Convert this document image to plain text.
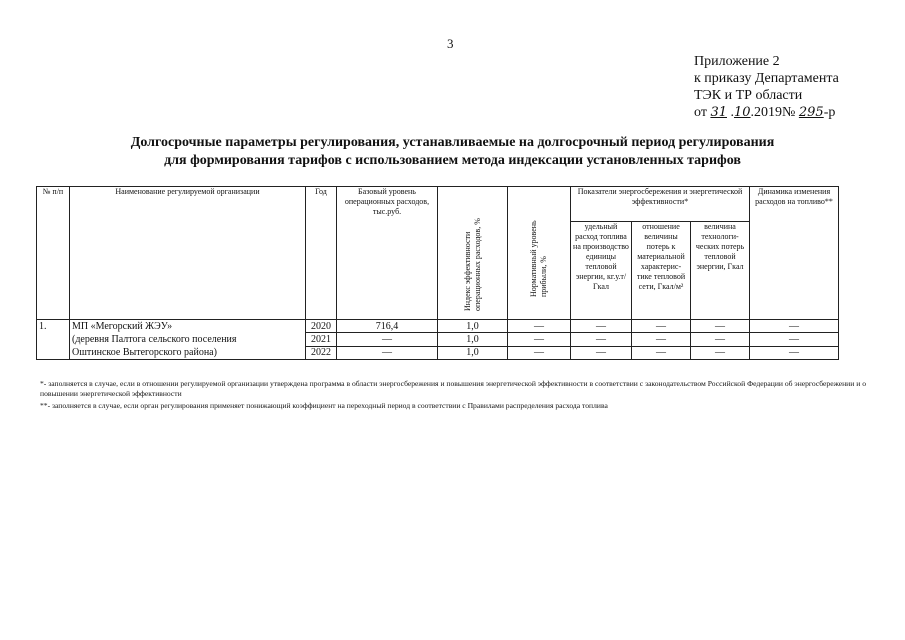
3
Приложение 2
к приказу Департамента
ТЭК и ТР области
от 31 .10.2019№ 295-р
Долгосрочные параметры регулирования, устанавливаемые на долгосрочный период регулирования
для формирования тарифов с использованием метода индексации установленных тарифов
№ п/п	Наименование регулируемой организации	Год	Базовый уровень операционных расходов, тыс.руб.	Индекс эффективности операционных расходов, %	Нормативный уровень прибыли, %	Показатели энергосбережения и энергетической эффективности*			Динамика изменения расходов на топливо**
						удельный расход топлива на производство единицы тепловой энергии, кг.у.т/Гкал	отношение величины потерь к материальной характерис-тике тепловой сети, Гкал/м²	величина технологи-ческих потерь тепловой энергии, Гкал	
1.	МП «Мегорский ЖЭУ»
(деревня Палтога сельского поселения
Оштинское Вытегорского района)	2020	716,4	1,0	—	—	—	—	—
		2021	—	1,0	—	—	—	—	—
		2022	—	1,0	—	—	—	—	—

*- заполняется в случае, если в отношении регулируемой организации утверждена программа в области энергосбережения и повышения энергетической эффективности в соответствии с законодательством Российской Федерации об энергосбережении и о повышении энергетической эффективности

**- заполняется в случае, если орган регулирования применяет понижающий коэффициент на переходный период в соответствии с Правилами распределения расхода топлива
